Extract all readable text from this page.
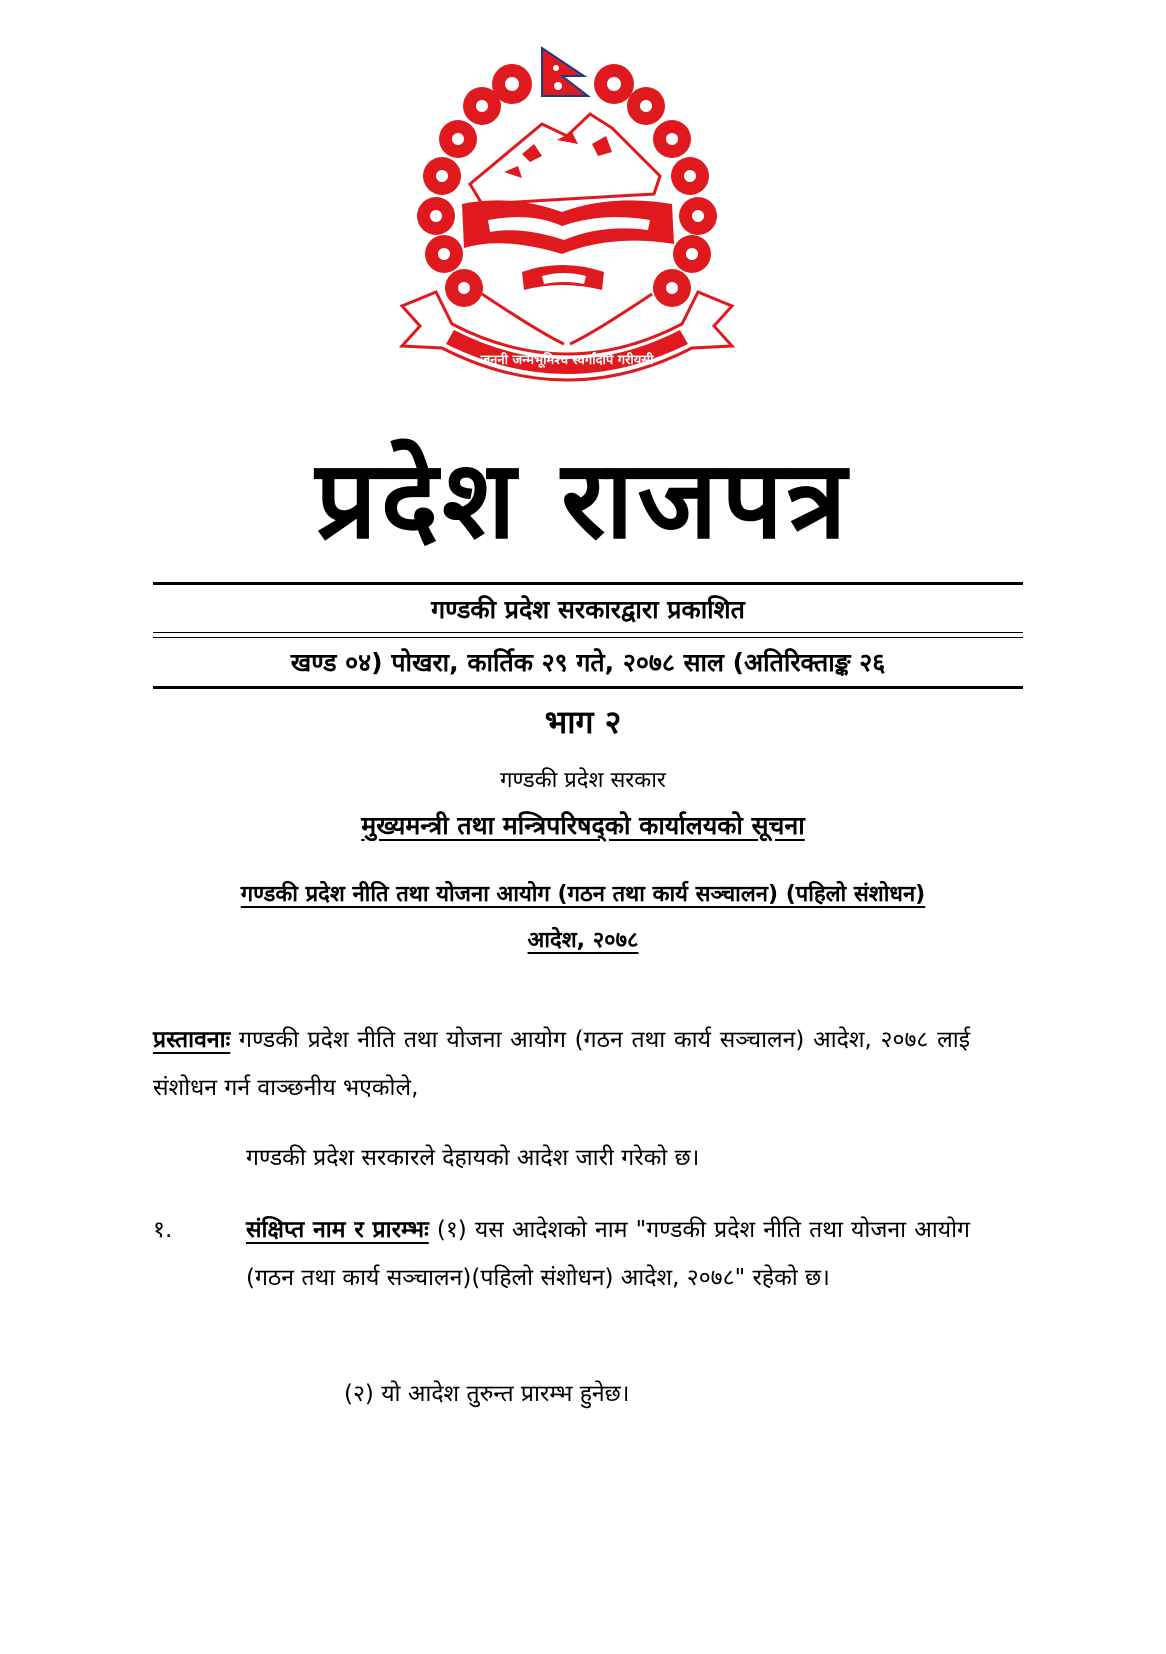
जननी जन्मभूमिश्च स्वर्गादपि गरीयसी
प्रदेश राजपत्र
गण्डकी प्रदेश सरकारद्वारा प्रकाशित
खण्ड ०४) पोखरा, कार्तिक २९ गते, २०७८ साल (अतिरिक्ताङ्क २६
भाग २
गण्डकी प्रदेश सरकार
मुख्यमन्त्री तथा मन्त्रिपरिषद्को कार्यालयको सूचना
गण्डकी प्रदेश नीति तथा योजना आयोग (गठन तथा कार्य सञ्चालन) (पहिलो संशोधन)
आदेश, २०७८
प्रस्तावनाः गण्डकी प्रदेश नीति तथा योजना आयोग (गठन तथा कार्य सञ्चालन) आदेश, २०७८ लाई संशोधन गर्न वाञ्छनीय भएकोले,
गण्डकी प्रदेश सरकारले देहायको आदेश जारी गरेको छ।
१.	संक्षिप्त नाम र प्रारम्भः (१) यस आदेशको नाम "गण्डकी प्रदेश नीति तथा योजना आयोग (गठन तथा कार्य सञ्चालन)(पहिलो संशोधन) आदेश, २०७८" रहेको छ।
(२) यो आदेश तुरुन्त प्रारम्भ हुनेछ।
